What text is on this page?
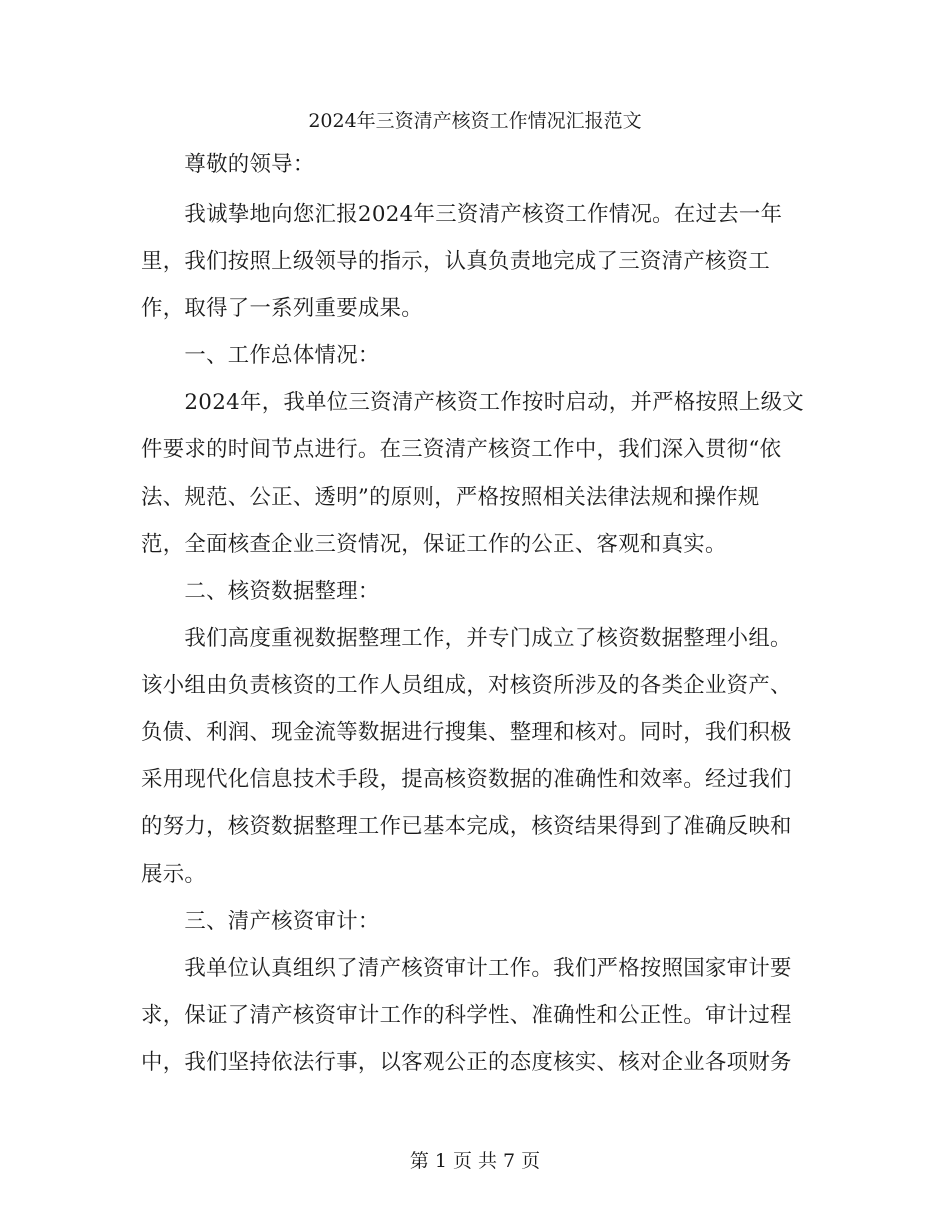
2024年三资清产核资工作情况汇报范文
　　尊敬的领导：
　　我诚挚地向您汇报2024年三资清产核资工作情况。在过去一年
里，我们按照上级领导的指示，认真负责地完成了三资清产核资工
作，取得了一系列重要成果。
　　一、工作总体情况：
　　2024年，我单位三资清产核资工作按时启动，并严格按照上级文
件要求的时间节点进行。在三资清产核资工作中，我们深入贯彻“依
法、规范、公正、透明”的原则，严格按照相关法律法规和操作规
范，全面核查企业三资情况，保证工作的公正、客观和真实。
　　二、核资数据整理：
　　我们高度重视数据整理工作，并专门成立了核资数据整理小组。
该小组由负责核资的工作人员组成，对核资所涉及的各类企业资产、
负债、利润、现金流等数据进行搜集、整理和核对。同时，我们积极
采用现代化信息技术手段，提高核资数据的准确性和效率。经过我们
的努力，核资数据整理工作已基本完成，核资结果得到了准确反映和
展示。
　　三、清产核资审计：
　　我单位认真组织了清产核资审计工作。我们严格按照国家审计要
求，保证了清产核资审计工作的科学性、准确性和公正性。审计过程
中，我们坚持依法行事，以客观公正的态度核实、核对企业各项财务
第 1 页 共 7 页
